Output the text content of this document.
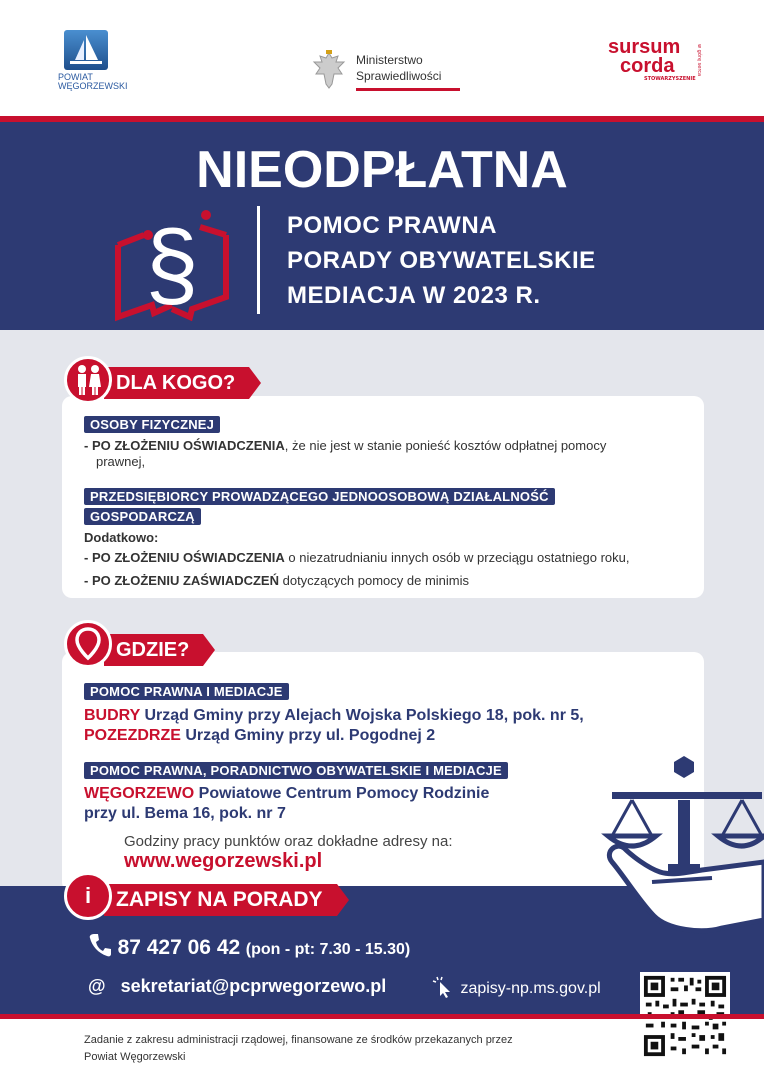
POWIAT
WĘGORZEWSKI
Ministerstwo
Sprawiedliwości
sursum
corda
STOWARZYSZENIE
w górę serca
NIEODPŁATNA
§	POMOC PRAWNA
PORADY OBYWATELSKIE
MEDIACJA W 2023 R.
DLA KOGO?
OSOBY FIZYCZNEJ
- PO ZŁOŻENIU OŚWIADCZENIA, że nie jest w stanie ponieść kosztów odpłatnej pomocy
prawnej,
PRZEDSIĘBIORCY PROWADZĄCEGO JEDNOOSOBOWĄ DZIAŁALNOŚĆ
GOSPODARCZĄ
Dodatkowo:
- PO ZŁOŻENIU OŚWIADCZENIA o niezatrudnianiu innych osób w przeciągu ostatniego roku,
- PO ZŁOŻENIU ZAŚWIADCZEŃ dotyczących pomocy de minimis
GDZIE?
POMOC PRAWNA I MEDIACJE
BUDRY Urząd Gminy przy Alejach Wojska Polskiego 18, pok. nr 5,
POZEZDRZE Urząd Gminy przy ul. Pogodnej 2
POMOC PRAWNA, PORADNICTWO OBYWATELSKIE I MEDIACJE
WĘGORZEWO Powiatowe Centrum Pomocy Rodzinie
przy ul. Bema 16, pok. nr 7
Godziny pracy punktów oraz dokładne adresy na:
www.wegorzewski.pl
ZAPISY NA PORADY
i
87 427 06 42 (pon - pt: 7.30 - 15.30)
@ sekretariat@pcprwegorzewo.pl	zapisy-np.ms.gov.pl
Zadanie z zakresu administracji rządowej, finansowane ze środków przekazanych przez
Powiat Węgorzewski
